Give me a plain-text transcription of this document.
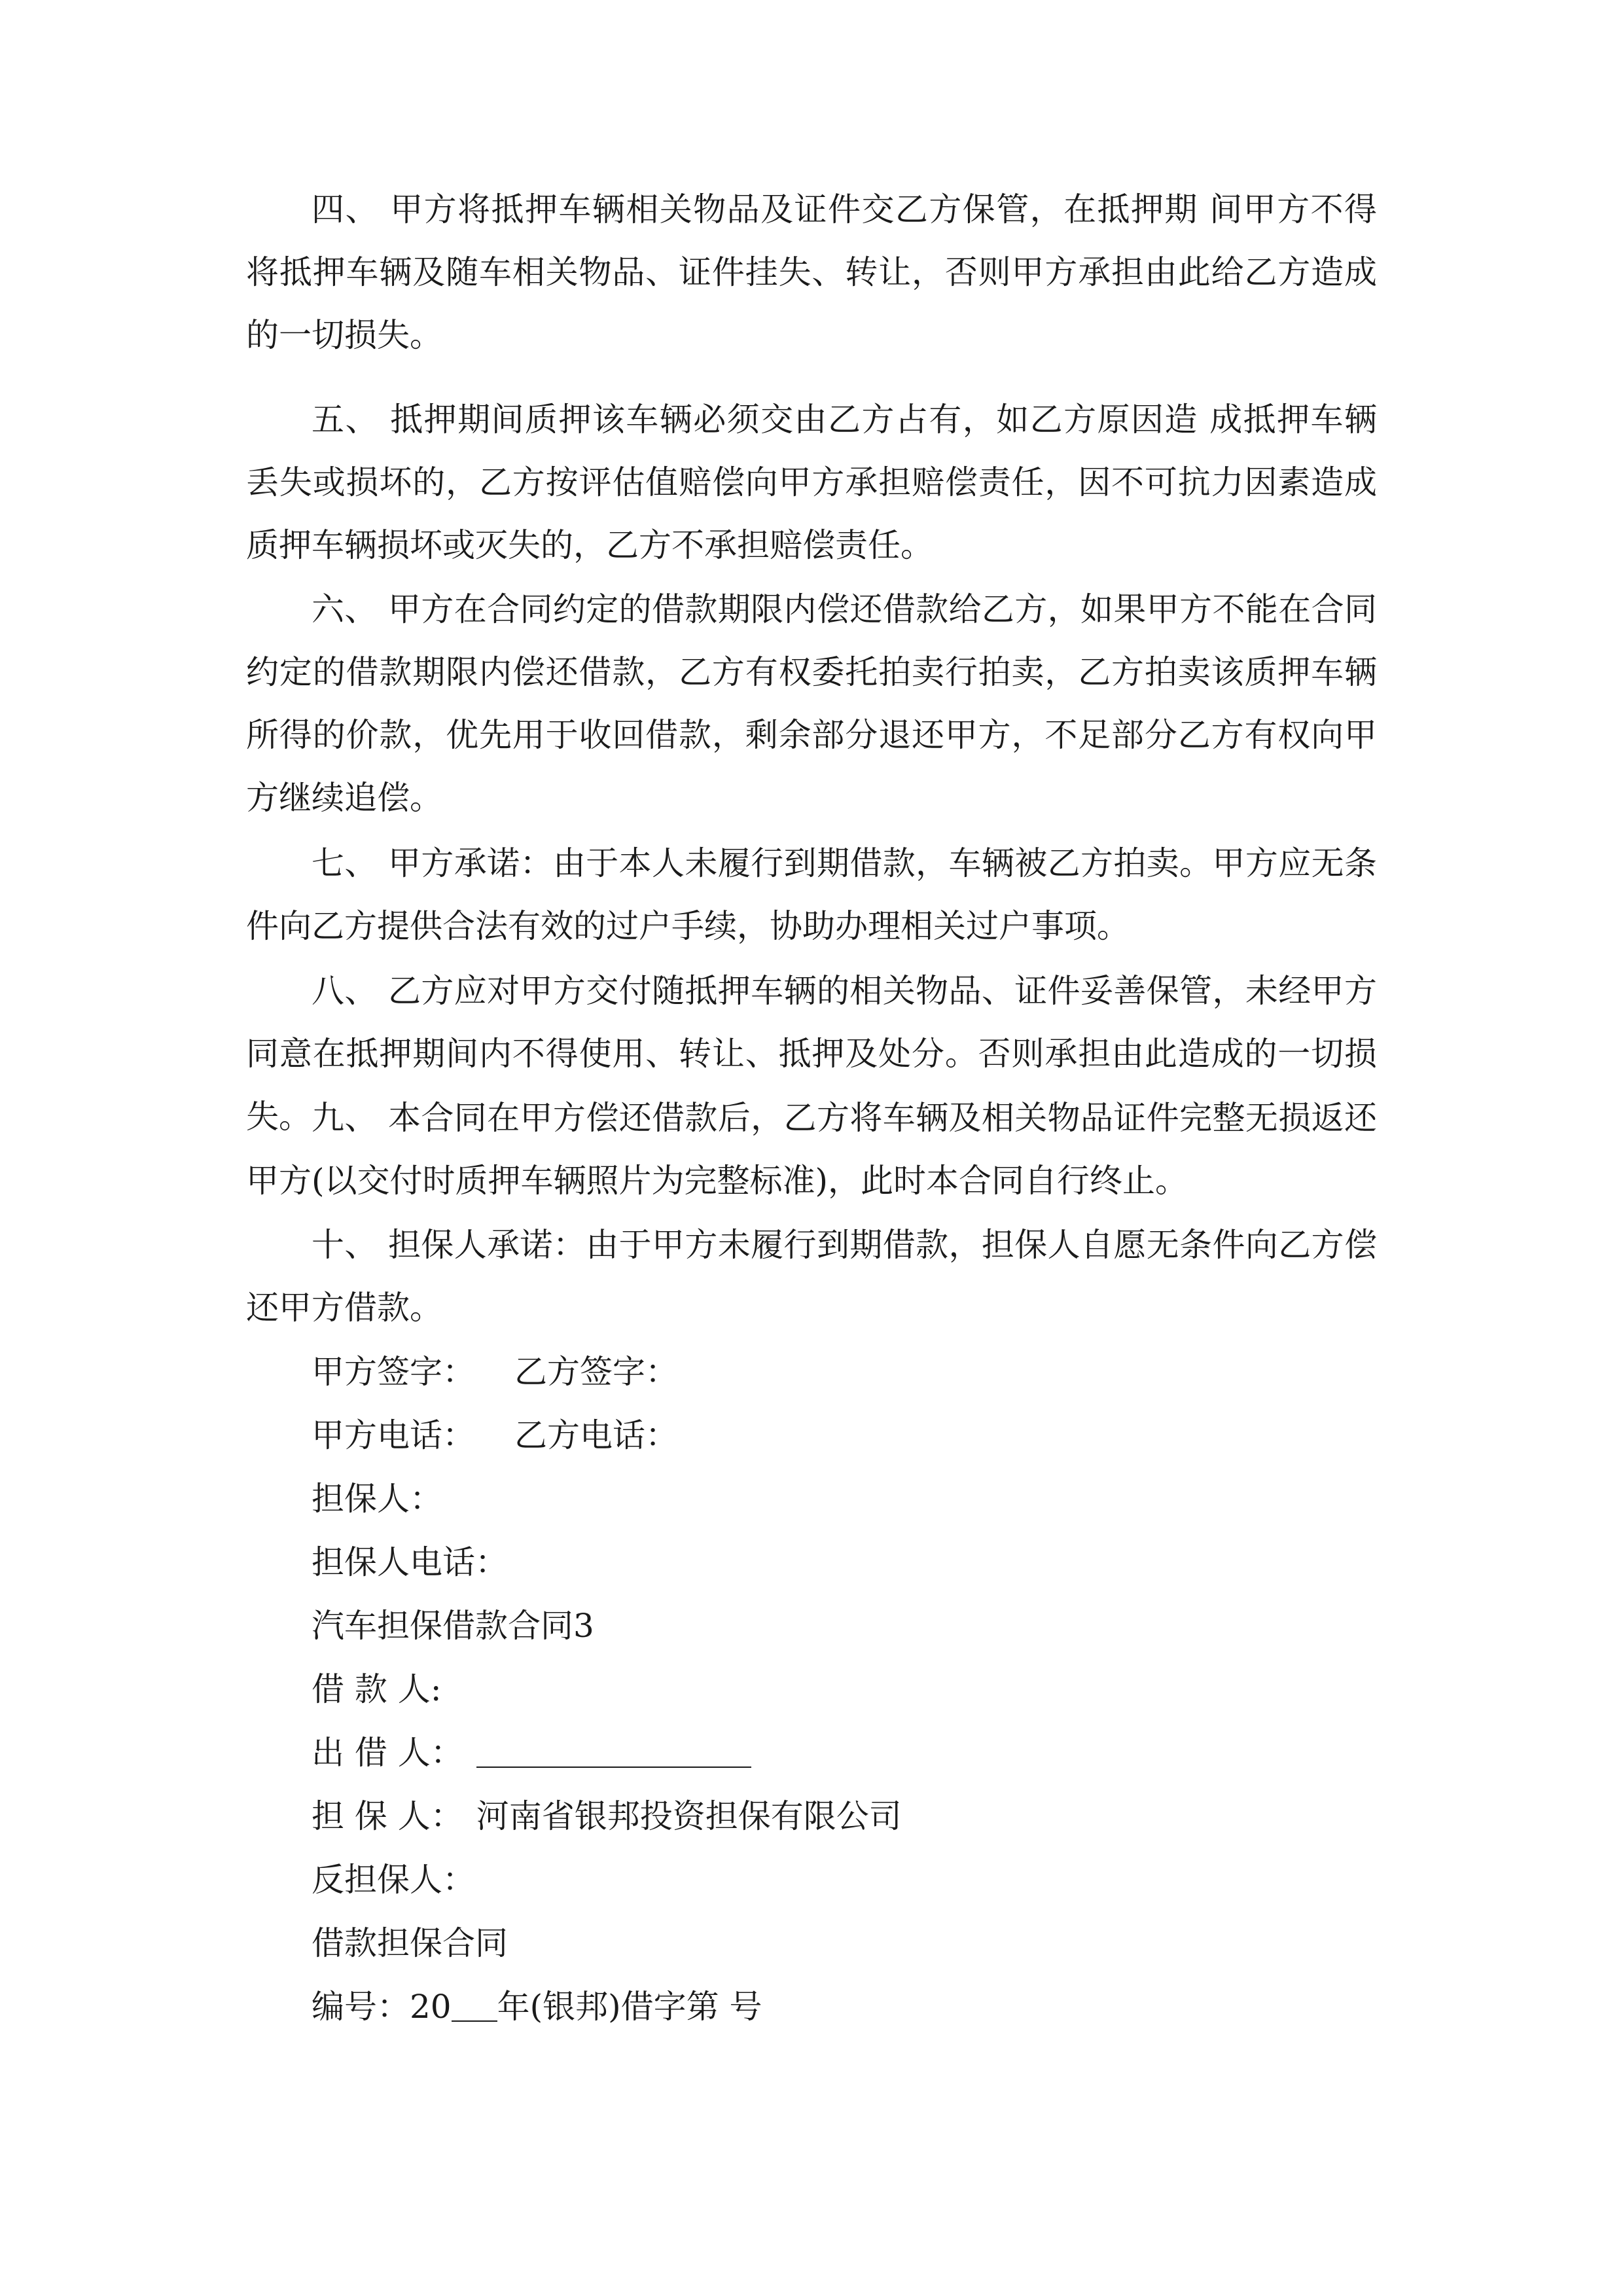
四、 甲方将抵押车辆相关物品及证件交乙方保管，在抵押期 间甲方不得将抵押车辆及随车相关物品、证件挂失、转让，否则甲方承担由此给乙方造成的一切损失。

五、 抵押期间质押该车辆必须交由乙方占有，如乙方原因造 成抵押车辆丢失或损坏的，乙方按评估值赔偿向甲方承担赔偿责任，因不可抗力因素造成质押车辆损坏或灭失的，乙方不承担赔偿责任。

六、 甲方在合同约定的借款期限内偿还借款给乙方，如果甲方不能在合同约定的借款期限内偿还借款，乙方有权委托拍卖行拍卖，乙方拍卖该质押车辆所得的价款，优先用于收回借款，剩余部分退还甲方，不足部分乙方有权向甲方继续追偿。

七、 甲方承诺：由于本人未履行到期借款，车辆被乙方拍卖。甲方应无条件向乙方提供合法有效的过户手续，协助办理相关过户事项。

八、 乙方应对甲方交付随抵押车辆的相关物品、证件妥善保管，未经甲方同意在抵押期间内不得使用、转让、抵押及处分。否则承担由此造成的一切损失。 九、 本合同在甲方偿还借款后，乙方将车辆及相关物品证件完整无损返还甲方(以交付时质押车辆照片为完整标准)，此时本合同自行终止。

十、 担保人承诺：由于甲方未履行到期借款，担保人自愿无条件向乙方偿还甲方借款。

甲方签字： 乙方签字：

甲方电话： 乙方电话：

担保人：

担保人电话：

汽车担保借款合同3

借 款 人:

出 借 人：

担 保 人： 河南省银邦投资担保有限公司

反担保人：

借款担保合同

编号：20 年(银邦)借字第 号
